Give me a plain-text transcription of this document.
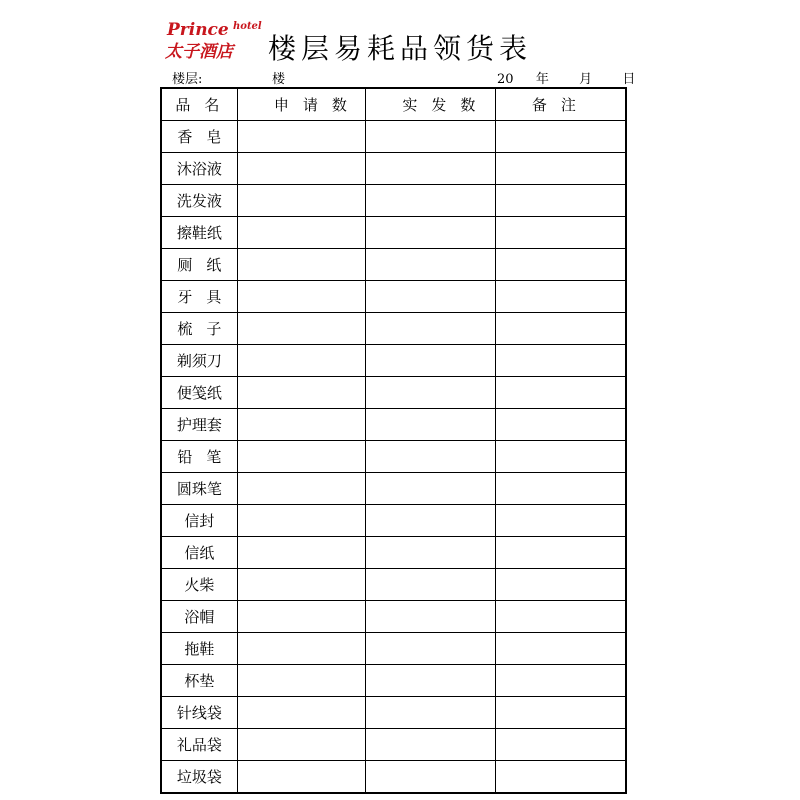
Prince hotel
太子酒店 楼层易耗品领货表
楼层:	楼	20 年 月 日
品名	申请数	实发数	备注

香皂			
沐浴液			
洗发液			
擦鞋纸			
厕纸			
牙具			
梳子			
剃须刀			
便笺纸			
护理套			
铅笔			
圆珠笔			
信封			
信纸			
火柴			
浴帽			
拖鞋			
杯垫			
针线袋			
礼品袋			
垃圾袋			
